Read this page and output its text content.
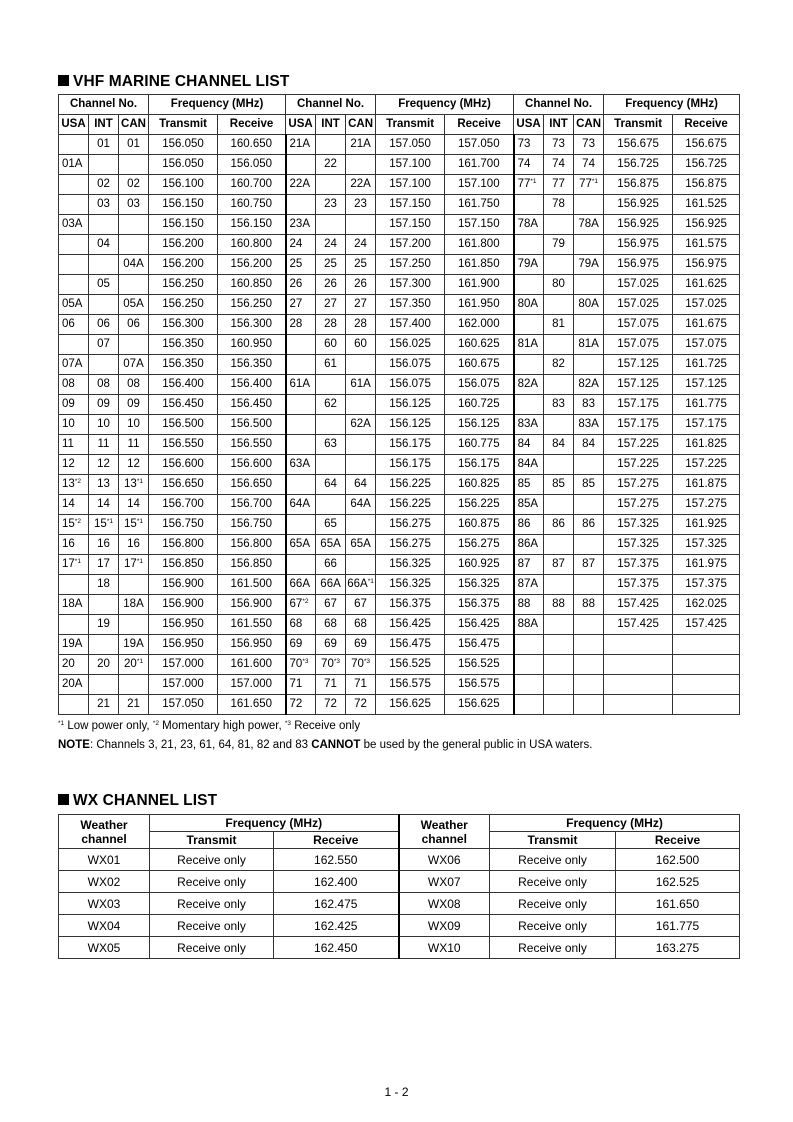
VHF MARINE CHANNEL LIST
Channel No.			Frequency (MHz)		Channel No.			Frequency (MHz)		Channel No.			Frequency (MHz)	
USA	INT	CAN	Transmit	Receive	USA	INT	CAN	Transmit	Receive	USA	INT	CAN	Transmit	Receive
	01	01	156.050	160.650	21A		21A	157.050	157.050	73	73	73	156.675	156.675
01A			156.050	156.050		22		157.100	161.700	74	74	74	156.725	156.725
	02	02	156.100	160.700	22A		22A	157.100	157.100	77$^{*1}$	77	77$^{*1}$	156.875	156.875
	03	03	156.150	160.750		23	23	157.150	161.750		78		156.925	161.525
03A			156.150	156.150	23A			157.150	157.150	78A		78A	156.925	156.925
	04		156.200	160.800	24	24	24	157.200	161.800		79		156.975	161.575
		04A	156.200	156.200	25	25	25	157.250	161.850	79A		79A	156.975	156.975
	05		156.250	160.850	26	26	26	157.300	161.900		80		157.025	161.625
05A		05A	156.250	156.250	27	27	27	157.350	161.950	80A		80A	157.025	157.025
06	06	06	156.300	156.300	28	28	28	157.400	162.000		81		157.075	161.675
	07		156.350	160.950		60	60	156.025	160.625	81A		81A	157.075	157.075
07A		07A	156.350	156.350		61		156.075	160.675		82		157.125	161.725
08	08	08	156.400	156.400	61A		61A	156.075	156.075	82A		82A	157.125	157.125
09	09	09	156.450	156.450		62		156.125	160.725		83	83	157.175	161.775
10	10	10	156.500	156.500			62A	156.125	156.125	83A		83A	157.175	157.175
11	11	11	156.550	156.550		63		156.175	160.775	84	84	84	157.225	161.825
12	12	12	156.600	156.600	63A			156.175	156.175	84A			157.225	157.225
13$^{*2}$	13	13$^{*1}$	156.650	156.650		64	64	156.225	160.825	85	85	85	157.275	161.875
14	14	14	156.700	156.700	64A		64A	156.225	156.225	85A			157.275	157.275
15$^{*2}$	15$^{*1}$	15$^{*1}$	156.750	156.750		65		156.275	160.875	86	86	86	157.325	161.925
16	16	16	156.800	156.800	65A	65A	65A	156.275	156.275	86A			157.325	157.325
17$^{*1}$	17	17$^{*1}$	156.850	156.850		66		156.325	160.925	87	87	87	157.375	161.975
	18		156.900	161.500	66A	66A	$66A^{*1}$	156.325	156.325	87A			157.375	157.375
18A		18A	156.900	156.900	67$^{*2}$	67	67	156.375	156.375	88	88	88	157.425	162.025
	19		156.950	161.550	68	68	68	156.425	156.425	88A			157.425	157.425
19A		19A	156.950	156.950	69	69	69	156.475	156.475					
20	20	20$^{*1}$	157.000	161.600	70$^{*3}$	70$^{*3}$	70$^{*3}$	156.525	156.525					
20A			157.000	157.000	71	71	71	156.575	156.575					
	21	21	157.050	161.650	72	72	72	156.625	156.625					

$^{*1}$ Low power only, $^{*2}$ Momentary high power, $^{*3}$ Receive only

NOTE: Channels 3, 21, 23, 61, 64, 81, 82 and 83 CANNOT be used by the general public in USA waters.

WX CHANNEL LIST
Weather
channel	Frequency (MHz)		Weather
channel	Frequency (MHz)	
	Transmit	Receive		Transmit	Receive
WX01	Receive only	162.550	WX06	Receive only	162.500
WX02	Receive only	162.400	WX07	Receive only	162.525
WX03	Receive only	162.475	WX08	Receive only	161.650
WX04	Receive only	162.425	WX09	Receive only	161.775
WX05	Receive only	162.450	WX10	Receive only	163.275

1 - 2
